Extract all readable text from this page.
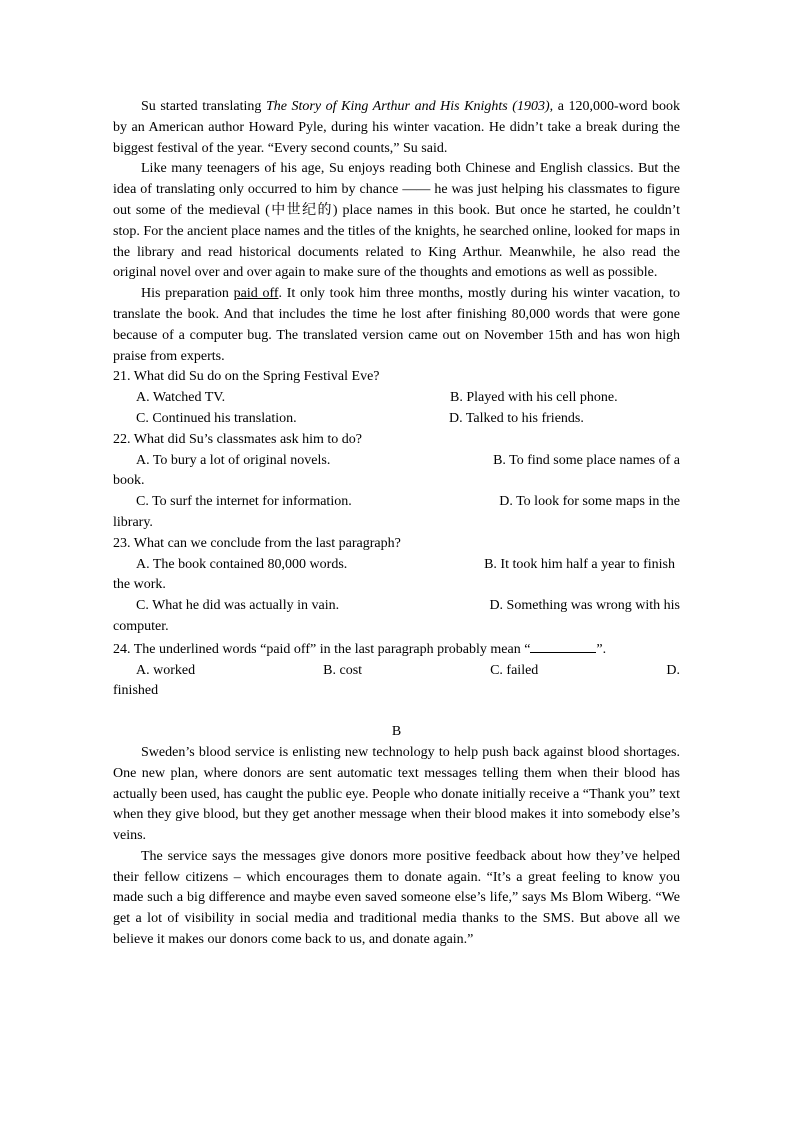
Su started translating The Story of King Arthur and His Knights (1903), a 120,000-word book by an American author Howard Pyle, during his winter vacation. He didn’t take a break during the biggest festival of the year. “Every second counts,” Su said.

Like many teenagers of his age, Su enjoys reading both Chinese and English classics. But the idea of translating only occurred to him by chance —— he was just helping his classmates to figure out some of the medieval (中世纪的) place names in this book. But once he started, he couldn’t stop. For the ancient place names and the titles of the knights, he searched online, looked for maps in the library and read historical documents related to King Arthur. Meanwhile, he also read the original novel over and over again to make sure of the thoughts and emotions as well as possible.

His preparation paid off. It only took him three months, mostly during his winter vacation, to translate the book. And that includes the time he lost after finishing 80,000 words that were gone because of a computer bug. The translated version came out on November 15th and has won high praise from experts.

21. What did Su do on the Spring Festival Eve?

A. Watched TV.	B. Played with his cell phone.
C. Continued his translation.	D. Talked to his friends.

22. What did Su’s classmates ask him to do?

A. To bury a lot of original novels.	B. To find some place names of a

book.

C. To surf the internet for information.	D. To look for some maps in the

library.

23. What can we conclude from the last paragraph?

A. The book contained 80,000 words.	B. It took him half a year to finish

the work.

C. What he did was actually in vain.	D. Something was wrong with his

computer.

24. The underlined words “paid off” in the last paragraph probably mean “	”.

A. worked	B. cost	C. failed	D.

finished

B

Sweden’s blood service is enlisting new technology to help push back against blood shortages. One new plan, where donors are sent automatic text messages telling them when their blood has actually been used, has caught the public eye. People who donate initially receive a “Thank you” text when they give blood, but they get another message when their blood makes it into somebody else’s veins.

The service says the messages give donors more positive feedback about how they’ve helped their fellow citizens – which encourages them to donate again. “It’s a great feeling to know you made such a big difference and maybe even saved someone else’s life,” says Ms Blom Wiberg. “We get a lot of visibility in social media and traditional media thanks to the SMS. But above all we believe it makes our donors come back to us, and donate again.”
